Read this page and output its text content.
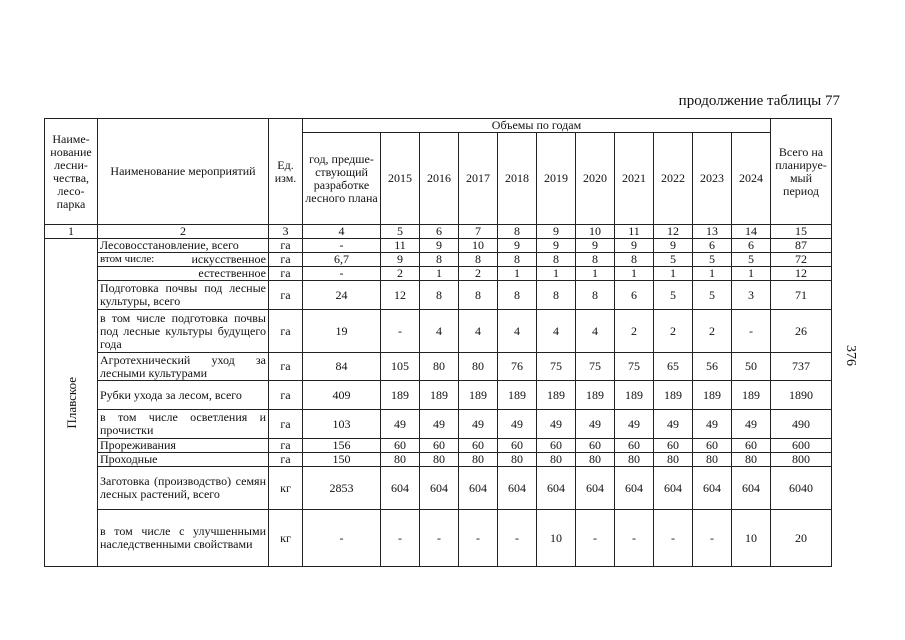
продолжение таблицы 77
376
Наиме-нование лесни-чества, лесо-парка	Наименование мероприятий	Ед. изм.	Объемы по годам											Всего на планируе-мый период
			год, предше-ствующий разработке лесного плана	2015	2016	2017	2018	2019	2020	2021	2022	2023	2024	
1	2	3	4	5	6	7	8	9	10	11	12	13	14	15

Плавское	Лесовосстановление, всего	га	-	11	9	10	9	9	9	9	9	6	6	87

	втом числе: искусственное	га	6,7	9	8	8	8	8	8	8	5	5	5	72
	естественное	га	-	2	1	2	1	1	1	1	1	1	1	12
	Подготовка почвы под лесные культуры, всего	га	24	12	8	8	8	8	8	6	5	5	3	71
	в том числе подготовка почвы под лесные культуры будущего года	га	19	-	4	4	4	4	4	2	2	2	-	26
	Агротехнический уход за лесными культурами	га	84	105	80	80	76	75	75	75	65	56	50	737
	Рубки ухода за лесом, всего	га	409	189	189	189	189	189	189	189	189	189	189	1890
	в том числе осветления и прочистки	га	103	49	49	49	49	49	49	49	49	49	49	490
	Прореживания	га	156	60	60	60	60	60	60	60	60	60	60	600
	Проходные	га	150	80	80	80	80	80	80	80	80	80	80	800
	Заготовка (производство) семян лесных растений, всего	кг	2853	604	604	604	604	604	604	604	604	604	604	6040
	в том числе с улучшенными наследственными свойствами	кг	-	-	-	-	-	10	-	-	-	-	10	20
